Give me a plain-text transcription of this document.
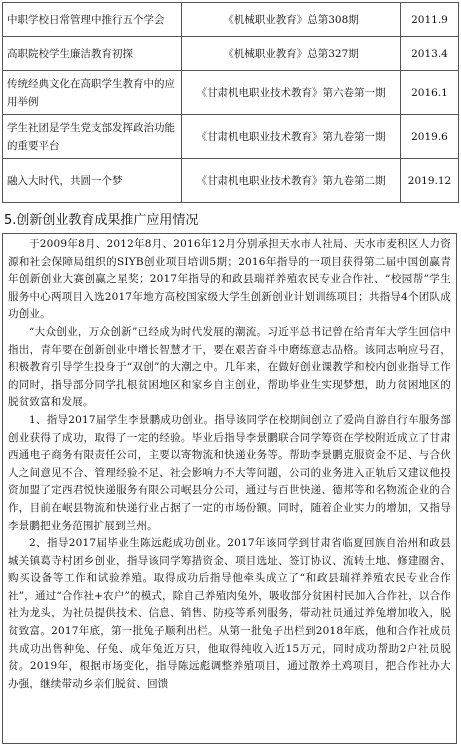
中职学校日常管理中推行五个学会	《机械职业教育》总第308期	2011.9
高职院校学生廉洁教育初探	《机械职业教育》总第327期	2013.4
传统经典文化在高职学生教育中的应用举例	《甘肃机电职业技术教育》第六卷第一期	2016.1
学生社团是学生党支部发挥政治功能的重要平台	《甘肃机电职业技术教育》第九卷第一期	2019.6
融入大时代，共圆一个梦	《甘肃机电职业技术教育》第九卷第二期	2019.12
5.创新创业教育成果推广应用情况

于2009年8月、2012年8月、2016年12月分别承担天水市人社局、天水市麦积区人力资源和社会保障局组织的SIYB创业项目培训5期；2016年指导的一项目获得第二届中国创赢青年创新创业大赛创赢之星奖；2017年指导的和政县瑞祥养殖农民专业合作社、“校园帮”学生服务中心两项目入选2017年地方高校国家级大学生创新创业计划训练项目；共指导4个团队成功创业。

“大众创业，万众创新”已经成为时代发展的潮流。习近平总书记曾在给青年大学生回信中指出，青年要在创新创业中增长智慧才干，要在艰苦奋斗中磨练意志品格。该同志响应号召，积极教育引导学生投身于“双创”的大潮之中。几年来，在做好创业课教学和校内创业指导工作的同时，指导部分同学扎根贫困地区和家乡自主创业，帮助毕业生实现梦想，助力贫困地区的脱贫致富和发展。

1、指导2017届学生李景鹏成功创业。指导该同学在校期间创立了爱尚自游自行车服务部创业获得了成功，取得了一定的经验。毕业后指导李景鹏联合同学筹资在学校附近成立了甘肃西通电子商务有限责任公司，主要以寄物流和快递业务等。帮助李景鹏克服资金不足、与合伙人之间意见不合、管理经验不足、社会影响力不大等问题，公司的业务进入正轨后又建议他投资加盟了定西君悦快递服务有限公司岷县分公司，通过与百世快递、德邦等和名物流企业的合作，目前在岷县物流和快递行业占据了一定的市场份额。同时，随着企业实力的增加，又指导李景鹏把业务范围扩展到兰州。

2、指导2017届毕业生陈远彪成功创业。2017年该同学到甘肃省临夏回族自治州和政县城关镇葛寺村团乡创业，指导该同学筹措资金、项目选址、签订协议、流转土地、修建圈舍、购买设备等工作和试验养殖。取得成功后指导他牵头成立了“和政县瑞祥养殖农民专业合作社”，通过“合作社+农户”的模式，除自己养殖肉兔外，吸收部分贫困村民加入合作社，以合作社为龙头，为社员提供技术、信息、销售、防疫等系列服务，带动社员通过养兔增加收入，脱贫致富。2017年底，第一批兔子顺利出栏。从第一批兔子出栏到2018年底，他和合作社成员共成功出售种兔、仔兔、成年兔近万只，他取得纯收入近15万元，同时成功帮助2户社员脱贫。2019年，根据市场变化，指导陈远彪调整养殖项目，通过散养土鸡项目，把合作社办大办强，继续带动乡亲们脱贫、回馈
